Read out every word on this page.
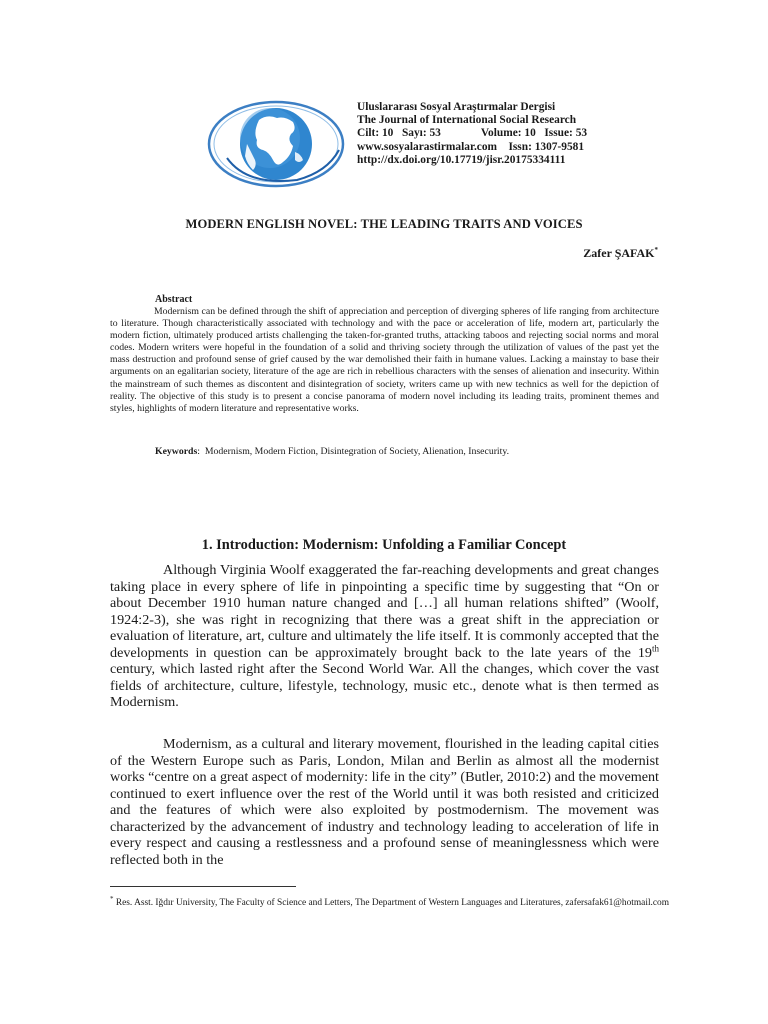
Uluslararası Sosyal Araştırmalar Dergisi
The Journal of International Social Research
Cilt: 10 Sayı: 53	Volume: 10 Issue: 53
www.sosyalarastirmalar.com Issn: 1307-9581
http://dx.doi.org/10.17719/jisr.20175334111
MODERN ENGLISH NOVEL: THE LEADING TRAITS AND VOICES
Zafer ŞAFAK*
Abstract

Modernism can be defined through the shift of appreciation and perception of diverging spheres of life ranging from architecture to literature. Though characteristically associated with technology and with the pace or acceleration of life, modern art, particularly the modern fiction, ultimately produced artists challenging the taken-for-granted truths, attacking taboos and rejecting social norms and moral codes. Modern writers were hopeful in the foundation of a solid and thriving society through the utilization of values of the past yet the mass destruction and profound sense of grief caused by the war demolished their faith in humane values. Lacking a mainstay to base their arguments on an egalitarian society, literature of the age are rich in rebellious characters with the senses of alienation and insecurity. Within the mainstream of such themes as discontent and disintegration of society, writers came up with new technics as well for the depiction of reality. The objective of this study is to present a concise panorama of modern novel including its leading traits, prominent themes and styles, highlights of modern literature and representative works.

Keywords:  Modernism, Modern Fiction, Disintegration of Society, Alienation, Insecurity.
1. Introduction: Modernism: Unfolding a Familiar Concept

Although Virginia Woolf exaggerated the far-reaching developments and great changes taking place in every sphere of life in pinpointing a specific time by suggesting that “On or about December 1910 human nature changed and […] all human relations shifted” (Woolf, 1924:2-3), she was right in recognizing that there was a great shift in the appreciation or evaluation of literature, art, culture and ultimately the life itself. It is commonly accepted that the developments in question can be approximately brought back to the late years of the 19th century, which lasted right after the Second World War. All the changes, which cover the vast fields of architecture, culture, lifestyle, technology, music etc., denote what is then termed as Modernism.

Modernism, as a cultural and literary movement, flourished in the leading capital cities of the Western Europe such as Paris, London, Milan and Berlin as almost all the modernist works “centre on a great aspect of modernity: life in the city” (Butler, 2010:2) and the movement continued to exert influence over the rest of the World until it was both resisted and criticized and the features of which were also exploited by postmodernism. The movement was characterized by the advancement of industry and technology leading to acceleration of life in every respect and causing a restlessness and a profound sense of meaninglessness which were reflected both in the

* Res. Asst. Iğdır University, The Faculty of Science and Letters, The Department of Western Languages and Literatures, zafersafak61@hotmail.com
